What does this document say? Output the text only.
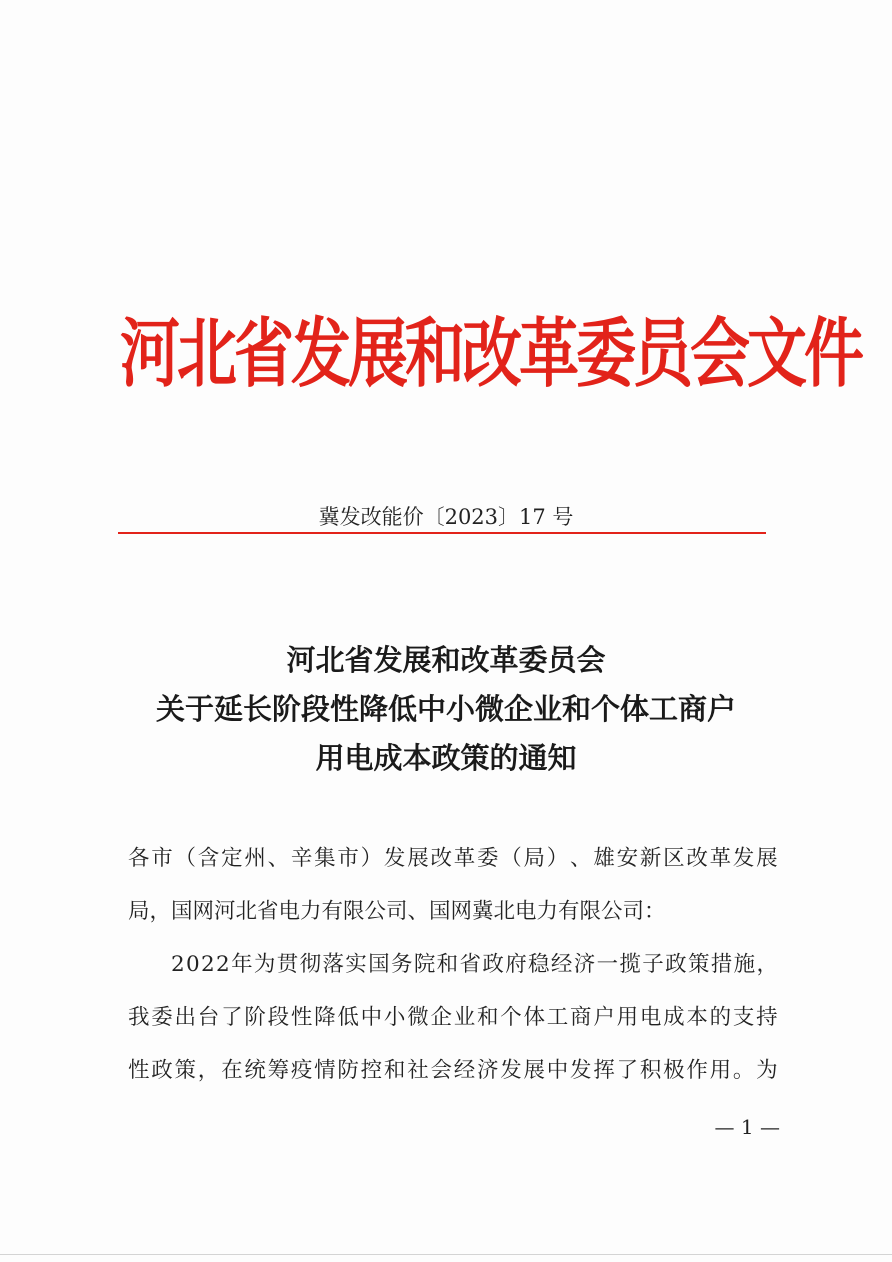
河北省发展和改革委员会文件
冀发改能价〔2023〕17 号
河北省发展和改革委员会
关于延长阶段性降低中小微企业和个体工商户
用电成本政策的通知
各 市 （ 含 定 州 、 辛 集 市 ） 发 展 改 革 委 （ 局 ） 、 雄 安 新 区 改 革 发 展
局，国网河北省电力有限公司、国网冀北电力有限公司：
2 0 2 2 年 为 贯 彻 落 实 国 务 院 和 省 政 府 稳 经 济 一 揽 子 政 策 措 施 ，
我 委 出 台 了 阶 段 性 降 低 中 小 微 企 业 和 个 体 工 商 户 用 电 成 本 的 支 持
性 政 策 ， 在 统 筹 疫 情 防 控 和 社 会 经 济 发 展 中 发 挥 了 积 极 作 用 。 为
— 1 —
